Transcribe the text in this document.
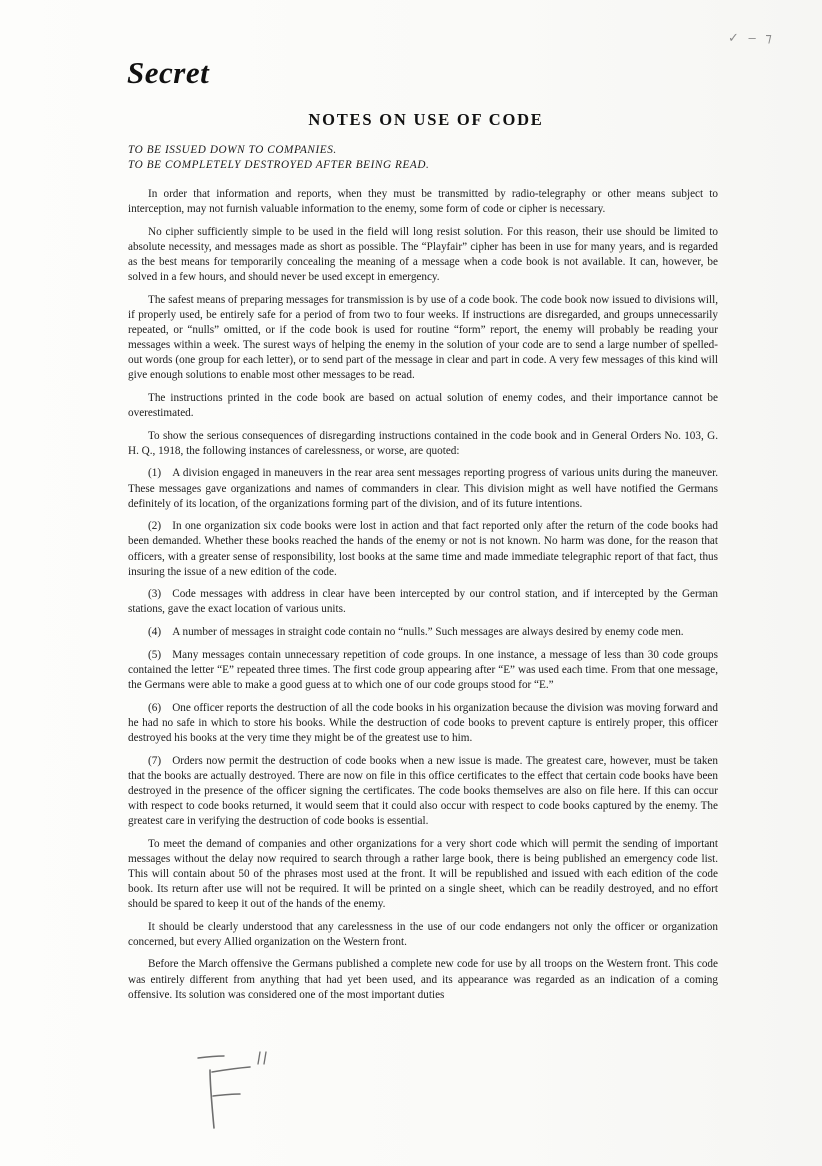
✓ – ⁊
Secret
NOTES ON USE OF CODE
TO BE ISSUED DOWN TO COMPANIES.
TO BE COMPLETELY DESTROYED AFTER BEING READ.

In order that information and reports, when they must be transmitted by radio-telegraphy or other means subject to interception, may not furnish valuable information to the enemy, some form of code or cipher is necessary.

No cipher sufficiently simple to be used in the field will long resist solution. For this reason, their use should be limited to absolute necessity, and messages made as short as possible. The “Playfair” cipher has been in use for many years, and is regarded as the best means for temporarily concealing the meaning of a message when a code book is not available. It can, however, be solved in a few hours, and should never be used except in emergency.

The safest means of preparing messages for transmission is by use of a code book. The code book now issued to divisions will, if properly used, be entirely safe for a period of from two to four weeks. If instructions are disregarded, and groups unnecessarily repeated, or “nulls” omitted, or if the code book is used for routine “form” report, the enemy will probably be reading your messages within a week. The surest ways of helping the enemy in the solution of your code are to send a large number of spelled-out words (one group for each letter), or to send part of the message in clear and part in code. A very few messages of this kind will give enough solutions to enable most other messages to be read.

The instructions printed in the code book are based on actual solution of enemy codes, and their importance cannot be overestimated.

To show the serious consequences of disregarding instructions contained in the code book and in General Orders No. 103, G. H. Q., 1918, the following instances of carelessness, or worse, are quoted:

(1) A division engaged in maneuvers in the rear area sent messages reporting progress of various units during the maneuver. These messages gave organizations and names of commanders in clear. This division might as well have notified the Germans definitely of its location, of the organizations forming part of the division, and of its future intentions.

(2) In one organization six code books were lost in action and that fact reported only after the return of the code books had been demanded. Whether these books reached the hands of the enemy or not is not known. No harm was done, for the reason that officers, with a greater sense of responsibility, lost books at the same time and made immediate telegraphic report of that fact, thus insuring the issue of a new edition of the code.

(3) Code messages with address in clear have been intercepted by our control station, and if intercepted by the German stations, gave the exact location of various units.

(4) A number of messages in straight code contain no “nulls.” Such messages are always desired by enemy code men.

(5) Many messages contain unnecessary repetition of code groups. In one instance, a message of less than 30 code groups contained the letter “E” repeated three times. The first code group appearing after “E” was used each time. From that one message, the Germans were able to make a good guess at to which one of our code groups stood for “E.”

(6) One officer reports the destruction of all the code books in his organization because the division was moving forward and he had no safe in which to store his books. While the destruction of code books to prevent capture is entirely proper, this officer destroyed his books at the very time they might be of the greatest use to him.

(7) Orders now permit the destruction of code books when a new issue is made. The greatest care, however, must be taken that the books are actually destroyed. There are now on file in this office certificates to the effect that certain code books have been destroyed in the presence of the officer signing the certificates. The code books themselves are also on file here. If this can occur with respect to code books returned, it would seem that it could also occur with respect to code books captured by the enemy. The greatest care in verifying the destruction of code books is essential.

To meet the demand of companies and other organizations for a very short code which will permit the sending of important messages without the delay now required to search through a rather large book, there is being published an emergency code list. This will contain about 50 of the phrases most used at the front. It will be republished and issued with each edition of the code book. Its return after use will not be required. It will be printed on a single sheet, which can be readily destroyed, and no effort should be spared to keep it out of the hands of the enemy.

It should be clearly understood that any carelessness in the use of our code endangers not only the officer or organization concerned, but every Allied organization on the Western front.

Before the March offensive the Germans published a complete new code for use by all troops on the Western front. This code was entirely different from anything that had yet been used, and its appearance was regarded as an indication of a coming offensive. Its solution was considered one of the most important duties
